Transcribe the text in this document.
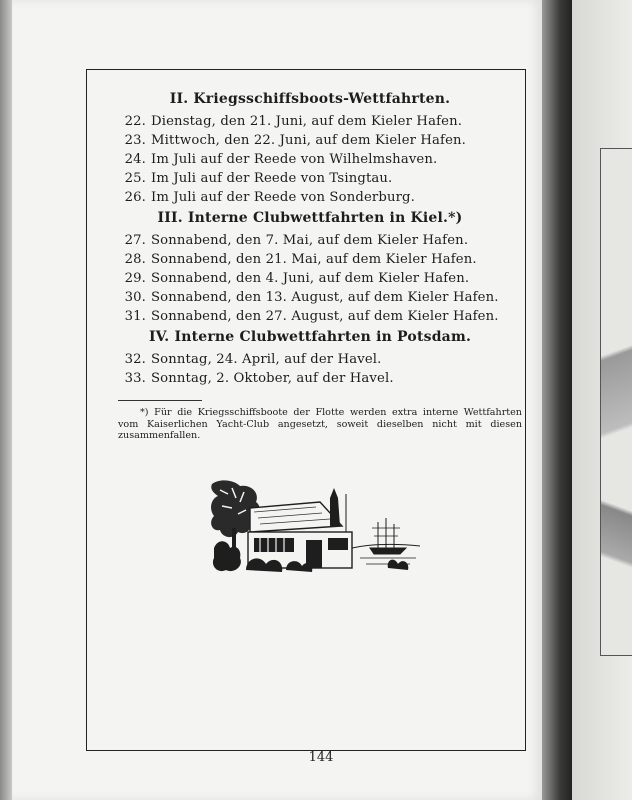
II. Kriegsschiffsboots-Wettfahrten.
22. Dienstag, den 21. Juni, auf dem Kieler Hafen.
23. Mittwoch, den 22. Juni, auf dem Kieler Hafen.
24. Im Juli auf der Reede von Wilhelmshaven.
25. Im Juli auf der Reede von Tsingtau.
26. Im Juli auf der Reede von Sonderburg.
III. Interne Clubwettfahrten in Kiel.*)
27. Sonnabend, den 7. Mai, auf dem Kieler Hafen.
28. Sonnabend, den 21. Mai, auf dem Kieler Hafen.
29. Sonnabend, den 4. Juni, auf dem Kieler Hafen.
30. Sonnabend, den 13. August, auf dem Kieler Hafen.
31. Sonnabend, den 27. August, auf dem Kieler Hafen.
IV. Interne Clubwettfahrten in Potsdam.
32. Sonntag, 24. April, auf der Havel.
33. Sonntag, 2. Oktober, auf der Havel.

*) Für die Kriegsschiffsboote der Flotte werden extra interne Wettfahrten vom Kaiserlichen Yacht-Club angesetzt, soweit dieselben nicht mit diesen zusammenfallen.

144
